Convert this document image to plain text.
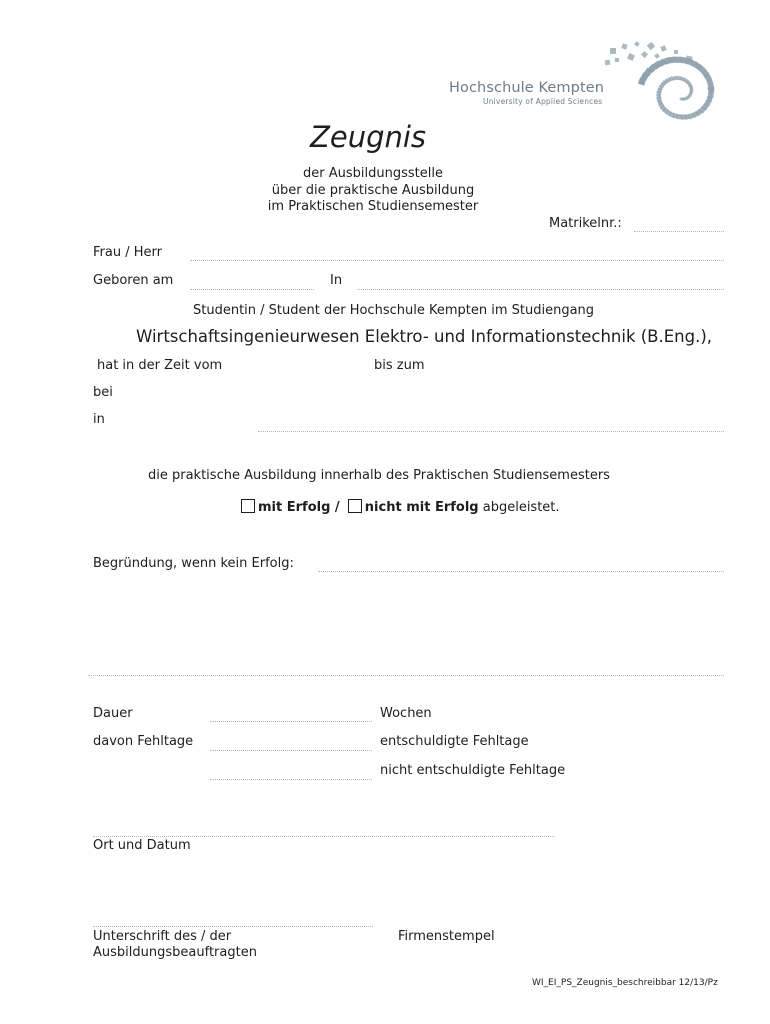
Hochschule Kempten
University of Applied Sciences
Zeugnis
der Ausbildungsstelle
über die praktische Ausbildung
im Praktischen Studiensemester
Matrikelnr.:
Frau / Herr
Geboren am	In
Studentin / Student der Hochschule Kempten im Studiengang
Wirtschaftsingenieurwesen Elektro- und Informationstechnik (B.Eng.),
hat in der Zeit vom	bis zum
bei
in
die praktische Ausbildung innerhalb des Praktischen Studiensemesters
mit Erfolg / nicht mit Erfolg abgeleistet.
Begründung, wenn kein Erfolg:
Dauer	Wochen
davon Fehltage	entschuldigte Fehltage
nicht entschuldigte Fehltage
Ort und Datum
Unterschrift des / der
Ausbildungsbeauftragten
Firmenstempel
WI_EI_PS_Zeugnis_beschreibbar 12/13/Pz
